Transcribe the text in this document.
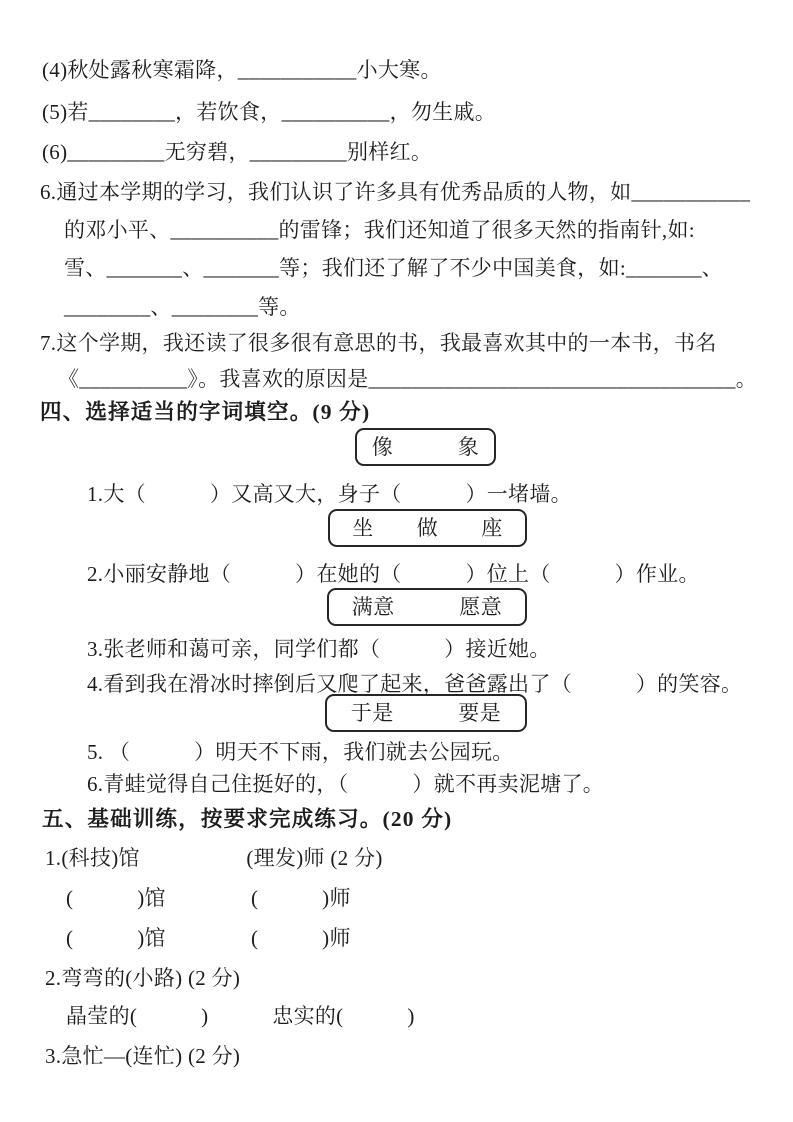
(4)秋处露秋寒霜降，___________小大寒。
(5)若________，若饮食，__________，勿生戚。
(6)_________无穷碧，_________别样红。
6.通过本学期的学习，我们认识了许多具有优秀品质的人物，如___________
的邓小平、__________的雷锋；我们还知道了很多天然的指南针,如:
雪、_______、_______等；我们还了解了不少中国美食，如:_______、
________、________等。
7.这个学期，我还读了很多很有意思的书，我最喜欢其中的一本书，书名
《__________》。我喜欢的原因是__________________________________。
四、选择适当的字词填空。(9 分)
像　　　象
1.大（　　　）又高又大，身子（　　　）一堵墙。
坐　　做　　座
2.小丽安静地（　　　）在她的（　　　）位上（　　　）作业。
满意　　　愿意
3.张老师和蔼可亲，同学们都（　　　）接近她。
4.看到我在滑冰时摔倒后又爬了起来，爸爸露出了（　　　）的笑容。
于是　　　要是
5. （　　　）明天不下雨，我们就去公园玩。
6.青蛙觉得自己住挺好的，（　　　）就不再卖泥塘了。
五、基础训练，按要求完成练习。(20 分)
1.(科技)馆　　　　　(理发)师 (2 分)
(　　　)馆　　　　(　　　)师
(　　　)馆　　　　(　　　)师
2.弯弯的(小路) (2 分)
晶莹的(　　　)　　　忠实的(　　　)
3.急忙—(连忙) (2 分)
